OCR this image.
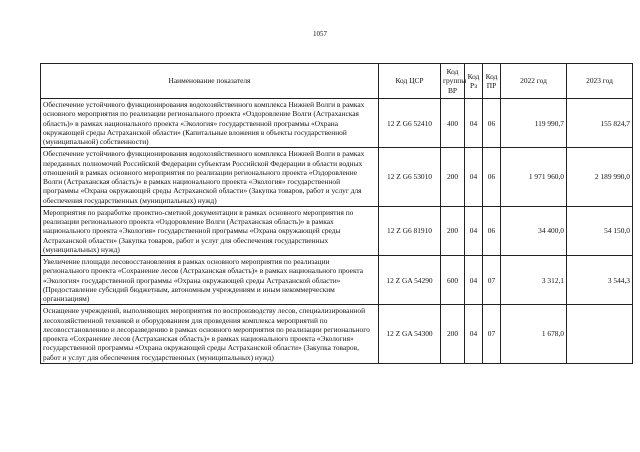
1057
Наименование показателя	Код ЦСР	Код группы ВР	Код Рз	Код ПР	2022 год	2023 год
Обеспечение устойчивого функционирования водохозяйственного комплекса Нижней Волги в рамках основного мероприятия по реализации регионального проекта «Оздоровление Волги (Астраханская область)» в рамках национального проекта «Экология» государственной программы «Охрана окружающей среды Астраханской области» (Капитальные вложения в объекты государственной (муниципальной) собственности)	12 Z G6 52410	400	04	06	119 990,7	155 824,7
Обеспечение устойчивого функционирования водохозяйственного комплекса Нижней Волги в рамках переданных полномочий Российской Федерации субъектам Российской Федерации в области водных отношений в рамках основного мероприятия по реализации регионального проекта «Оздоровление Волги (Астраханская область)» в рамках национального проекта «Экология» государственной программы «Охрана окружающей среды Астраханской области» (Закупка товаров, работ и услуг для обеспечения государственных (муниципальных) нужд)	12 Z G6 53010	200	04	06	1 971 960,0	2 189 990,0
Мероприятия по разработке проектно-сметной документации в рамках основного мероприятия по реализации регионального проекта «Оздоровление Волги (Астраханская область)» в рамках национального проекта «Экология» государственной программы «Охрана окружающей среды Астраханской области» (Закупка товаров, работ и услуг для обеспечения государственных (муниципальных) нужд)	12 Z G6 81910	200	04	06	34 400,0	54 150,0
Увеличение площади лесовосстановления в рамках основного мероприятия по реализации регионального проекта «Сохранение лесов (Астраханская область)» в рамках национального проекта «Экология» государственной программы «Охрана окружающей среды Астраханской области» (Предоставление субсидий бюджетным, автономным учреждениям и иным некоммерческим организациям)	12 Z GA 54290	600	04	07	3 312,1	3 544,3
Оснащение учреждений, выполняющих мероприятия по воспроизводству лесов, специализированной лесохозяйственной техникой и оборудованием для проведения комплекса мероприятий по лесовосстановлению и лесоразведению в рамках основного мероприятия по реализации регионального проекта «Сохранение лесов (Астраханская область)» в рамках национального проекта «Экология» государственной программы «Охрана окружающей среды Астраханской области» (Закупка товаров, работ и услуг для обеспечения государственных (муниципальных) нужд)	12 Z GA 54300	200	04	07	1 678,0	
